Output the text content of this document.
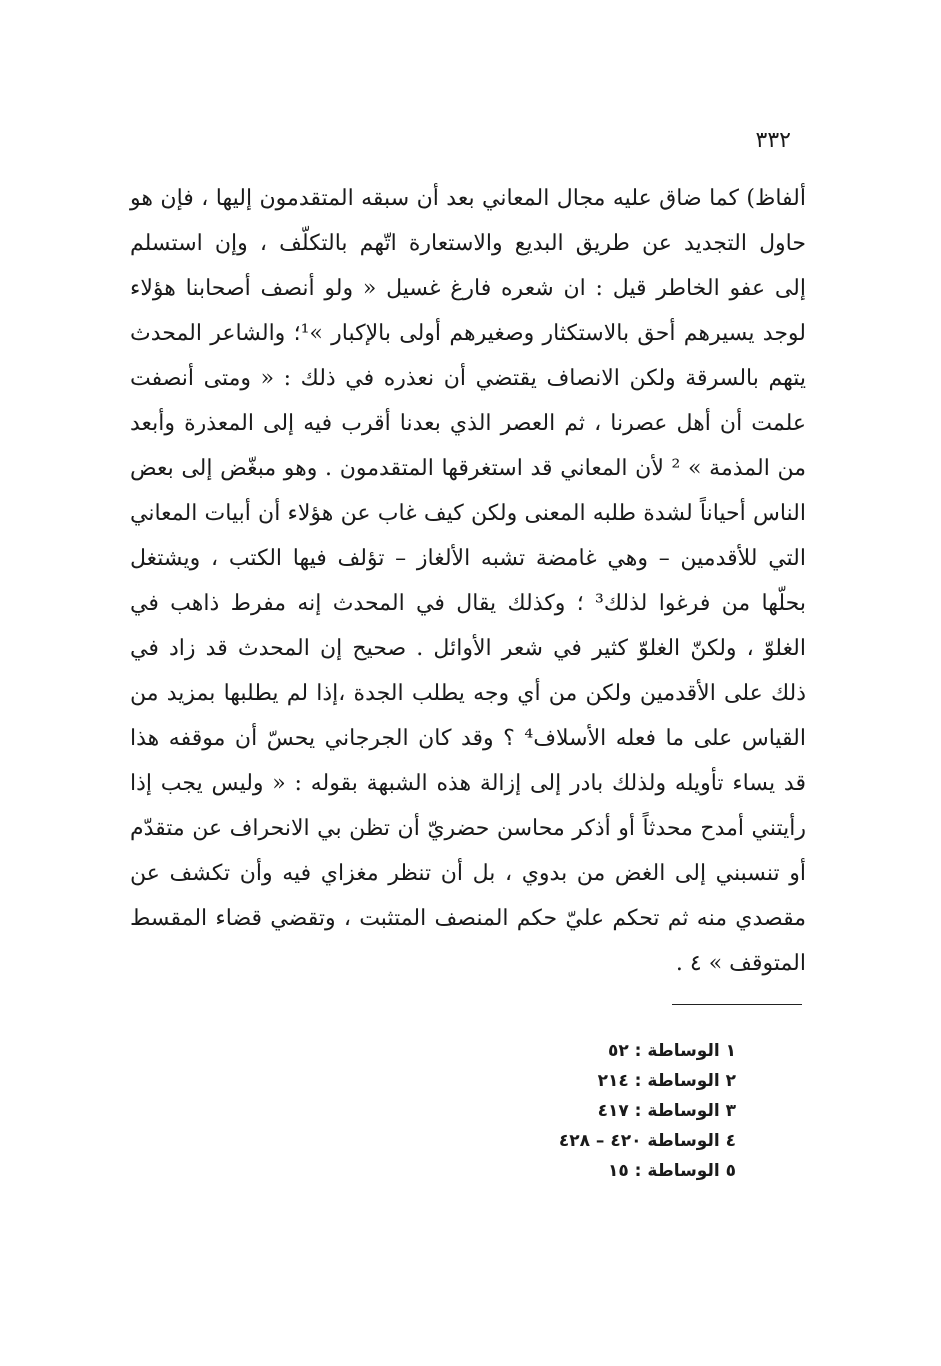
٣٣٢
ألفاظ) كما ضاق عليه مجال المعاني بعد أن سبقه المتقدمون إليها ، فإن هو
حاول التجديد عن طريق البديع والاستعارة اتّهم بالتكلّف ، وإن استسلم
إلى عفو الخاطر قيل : ان شعره فارغ غسيل « ولو أنصف أصحابنا هؤلاء
لوجد يسيرهم أحق بالاستكثار وصغيرهم أولى بالإكبار »¹؛ والشاعر المحدث
يتهم بالسرقة ولكن الانصاف يقتضي أن نعذره في ذلك : « ومتى أنصفت
علمت أن أهل عصرنا ، ثم العصر الذي بعدنا أقرب فيه إلى المعذرة وأبعد
من المذمة » ² لأن المعاني قد استغرقها المتقدمون . وهو مبغّض إلى بعض
الناس أحياناً لشدة طلبه المعنى ولكن كيف غاب عن هؤلاء أن أبيات المعاني
التي للأقدمين – وهي غامضة تشبه الألغاز – تؤلف فيها الكتب ، ويشتغل
بحلّها من فرغوا لذلك³ ؛ وكذلك يقال في المحدث إنه مفرط ذاهب في
الغلوّ ، ولكنّ الغلوّ كثير في شعر الأوائل . صحيح إن المحدث قد زاد في
ذلك على الأقدمين ولكن من أي وجه يطلب الجدة ،إذا لم يطلبها بمزيد من
القياس على ما فعله الأسلاف⁴ ؟ وقد كان الجرجاني يحسّ أن موقفه هذا
قد يساء تأويله ولذلك بادر إلى إزالة هذه الشبهة بقوله : « وليس يجب إذا
رأيتني أمدح محدثاً أو أذكر محاسن حضريّ أن تظن بي الانحراف عن متقدّم
أو تنسبني إلى الغض من بدوي ، بل أن تنظر مغزاي فيه وأن تكشف عن
مقصدي منه ثم تحكم عليّ حكم المنصف المتثبت ، وتقضي قضاء المقسط
المتوقف » ٤ .
١ الوساطة : ٥٢
٢ الوساطة : ٢١٤
٣ الوساطة : ٤١٧
٤ الوساطة ٤٢٠ – ٤٢٨
٥ الوساطة : ١٥
